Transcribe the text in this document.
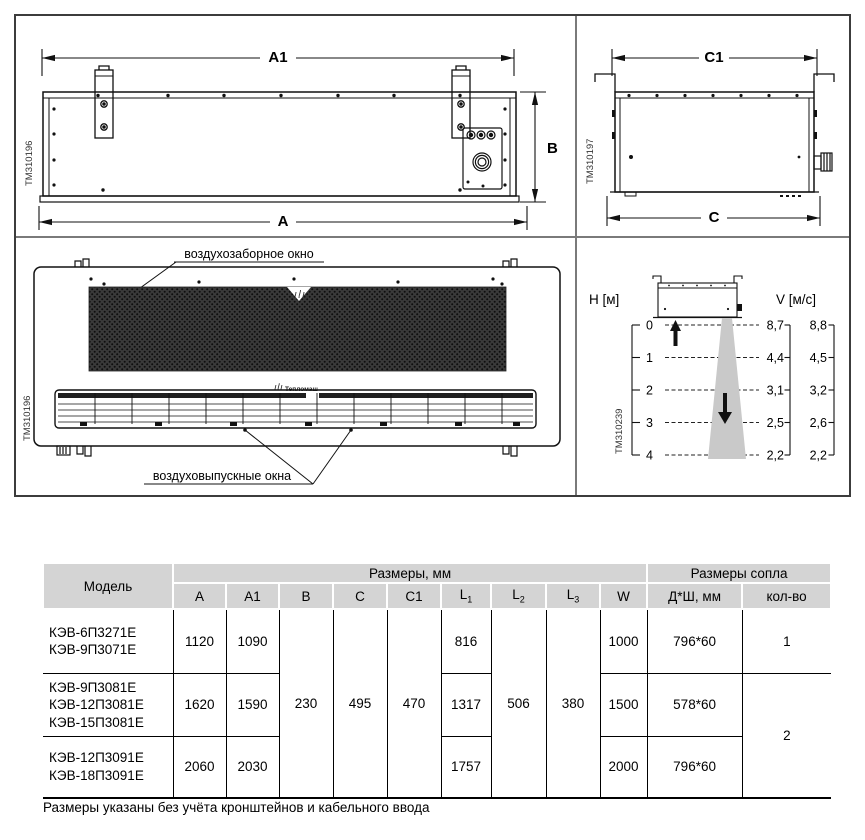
A1
B
A
TM310196
C1
C
TM310197
воздухозаборное окно
Тепломаш
воздуховыпускные окна
TM310196
H [м]	V [м/с]
0
1
2
3
4
8,7
4,4
3,1
2,5
2,2
8,8
4,5
3,2
2,6
2,2
TM310239
Модель	Размеры, мм									Размеры сопла	
	A	A1	B	C	C1	$L_1$	$L_2$	$L_3$	W	Д*Ш, мм	кол-во

КЭВ-6П3271Е
КЭВ-9П3071Е	1120	1090	230	495	470	816	506	380	1000	796*60	1

КЭВ-9П3081Е
КЭВ-12П3081Е
КЭВ-15П3081Е	1620	1590				1317			1500	578*60	2

КЭВ-12П3091Е
КЭВ-18П3091Е	2060	2030				1757			2000	796*60	
Размеры указаны без учёта кронштейнов и кабельного ввода
